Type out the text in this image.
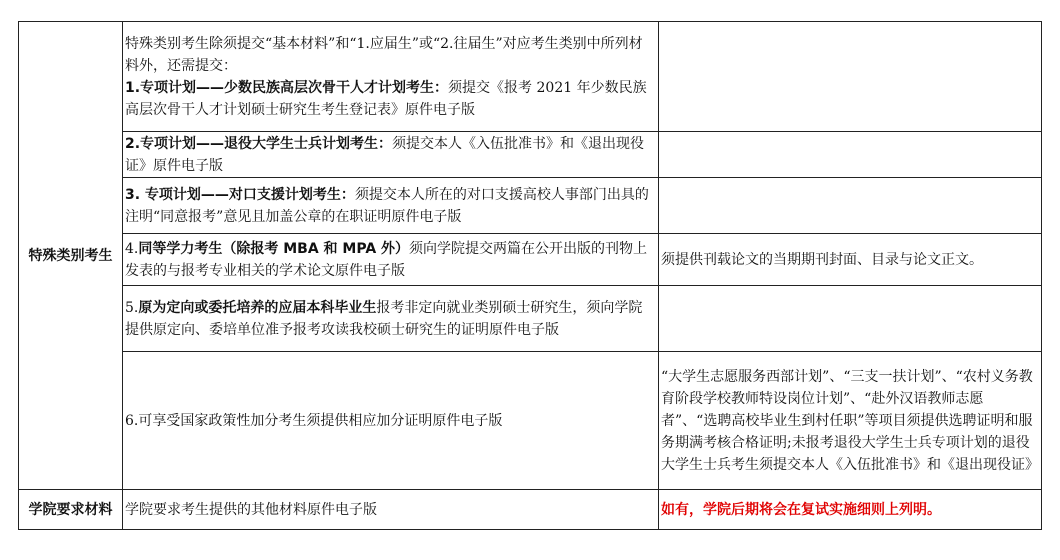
特殊类别考生	特殊类别考生除须提交“基本材料”和“1.应届生”或“2.往届生”对应考生类别中所列材料外，还需提交：

1.专项计划——少数民族高层次骨干人才计划考生：须提交《报考 2021 年少数民族高层次骨干人才计划硕士研究生考生登记表》原件电子版	

	2.专项计划——退役大学生士兵计划考生：须提交本人《入伍批准书》和《退出现役证》原件电子版	
	3. 专项计划——对口支援计划考生：须提交本人所在的对口支援高校人事部门出具的注明“同意报考”意见且加盖公章的在职证明原件电子版	
	4.同等学力考生（除报考 MBA 和 MPA 外）须向学院提交两篇在公开出版的刊物上发表的与报考专业相关的学术论文原件电子版	须提供刊载论文的当期期刊封面、目录与论文正文。
	5.原为定向或委托培养的应届本科毕业生报考非定向就业类别硕士研究生，须向学院提供原定向、委培单位准予报考攻读我校硕士研究生的证明原件电子版	
	6.可享受国家政策性加分考生须提供相应加分证明原件电子版	“大学生志愿服务西部计划”、“三支一扶计划”、“农村义务教育阶段学校教师特设岗位计划”、“赴外汉语教师志愿者”、“选聘高校毕业生到村任职”等项目须提供选聘证明和服务期满考核合格证明;未报考退役大学生士兵专项计划的退役大学生士兵考生须提交本人《入伍批准书》和《退出现役证》
学院要求材料	学院要求考生提供的其他材料原件电子版	如有，学院后期将会在复试实施细则上列明。
